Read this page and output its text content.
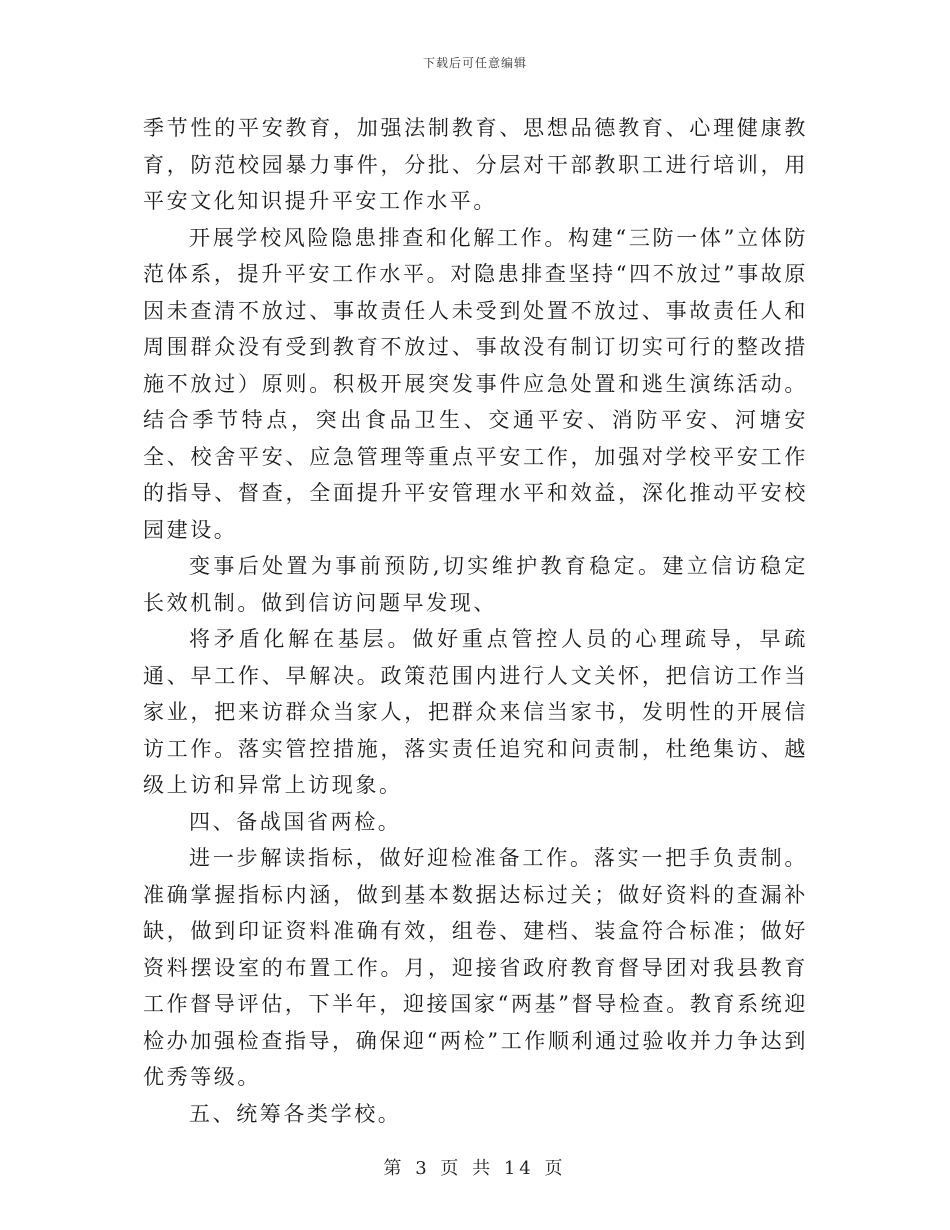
下载后可任意编辑

季节性的平安教育，加强法制教育、思想品德教育、心理健康教育，防范校园暴力事件，分批、分层对干部教职工进行培训，用平安文化知识提升平安工作水平。

开展学校风险隐患排查和化解工作。构建“三防一体”立体防范体系，提升平安工作水平。对隐患排查坚持“四不放过”事故原因未查清不放过、事故责任人未受到处置不放过、事故责任人和周围群众没有受到教育不放过、事故没有制订切实可行的整改措施不放过）原则。积极开展突发事件应急处置和逃生演练活动。结合季节特点，突出食品卫生、交通平安、消防平安、河塘安全、校舍平安、应急管理等重点平安工作，加强对学校平安工作的指导、督查，全面提升平安管理水平和效益，深化推动平安校园建设。

变事后处置为事前预防,切实维护教育稳定。建立信访稳定长效机制。做到信访问题早发现、

将矛盾化解在基层。做好重点管控人员的心理疏导，早疏通、早工作、早解决。政策范围内进行人文关怀，把信访工作当家业，把来访群众当家人，把群众来信当家书，发明性的开展信访工作。落实管控措施，落实责任追究和问责制，杜绝集访、越级上访和异常上访现象。

四、备战国省两检。

进一步解读指标，做好迎检准备工作。落实一把手负责制。准确掌握指标内涵，做到基本数据达标过关；做好资料的查漏补缺，做到印证资料准确有效，组卷、建档、装盒符合标准；做好资料摆设室的布置工作。月，迎接省政府教育督导团对我县教育工作督导评估，下半年，迎接国家“两基”督导检查。教育系统迎检办加强检查指导，确保迎“两检”工作顺利通过验收并力争达到优秀等级。

五、统筹各类学校。

第 3 页 共 14 页
